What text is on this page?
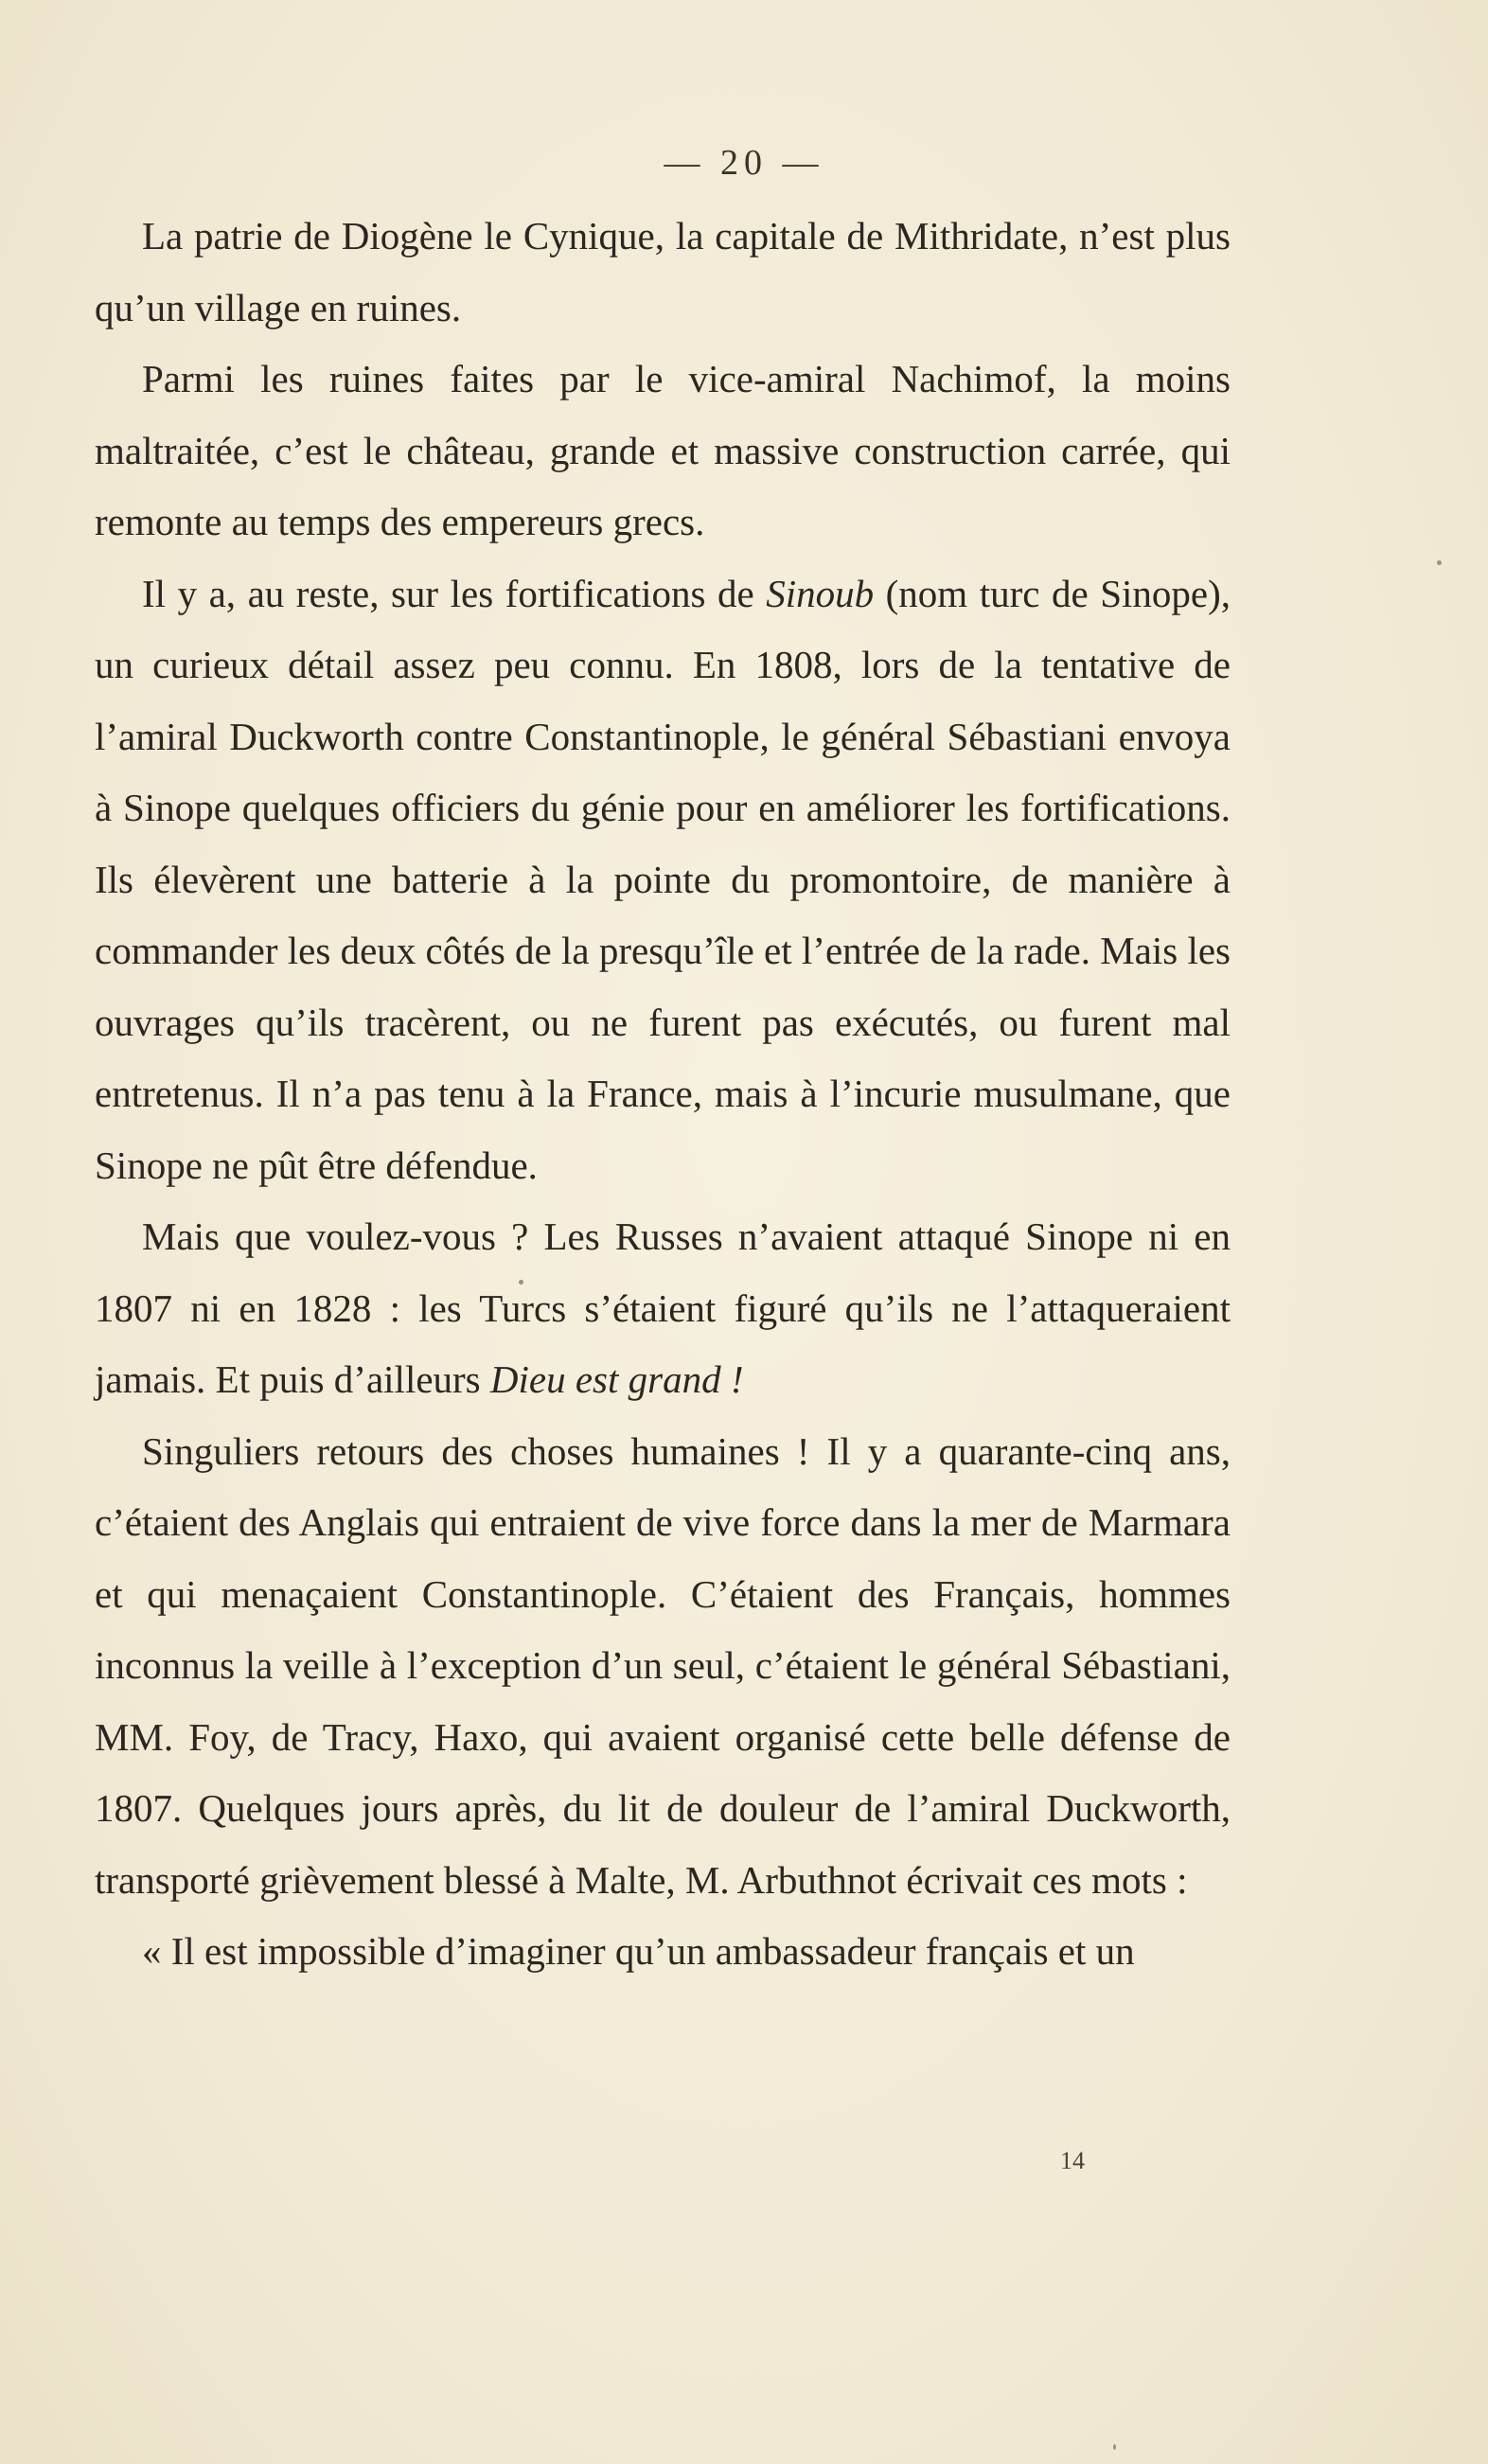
— 20 —

La patrie de Diogène le Cynique, la capitale de Mithridate, n’est plus qu’un village en ruines.

Parmi les ruines faites par le vice-amiral Nachimof, la moins maltraitée, c’est le château, grande et massive construction carrée, qui remonte au temps des empereurs grecs.

Il y a, au reste, sur les fortifications de Sinoub (nom turc de Sinope), un curieux détail assez peu connu. En 1808, lors de la tentative de l’amiral Duckworth contre Constantinople, le général Sébastiani envoya à Sinope quelques officiers du génie pour en améliorer les fortifications. Ils élevèrent une batterie à la pointe du promontoire, de manière à commander les deux côtés de la presqu’île et l’entrée de la rade. Mais les ouvrages qu’ils tracèrent, ou ne furent pas exécutés, ou furent mal entretenus. Il n’a pas tenu à la France, mais à l’incurie musulmane, que Sinope ne pût être défendue.

Mais que voulez-vous ? Les Russes n’avaient attaqué Sinope ni en 1807 ni en 1828 : les Turcs s’étaient figuré qu’ils ne l’attaqueraient jamais. Et puis d’ailleurs Dieu est grand !

Singuliers retours des choses humaines ! Il y a quarante-cinq ans, c’étaient des Anglais qui entraient de vive force dans la mer de Marmara et qui menaçaient Constantinople. C’étaient des Français, hommes inconnus la veille à l’exception d’un seul, c’étaient le général Sébastiani, MM. Foy, de Tracy, Haxo, qui avaient organisé cette belle défense de 1807. Quelques jours après, du lit de douleur de l’amiral Duckworth, transporté grièvement blessé à Malte, M. Arbuthnot écrivait ces mots :

« Il est impossible d’imaginer qu’un ambassadeur français et un

14
